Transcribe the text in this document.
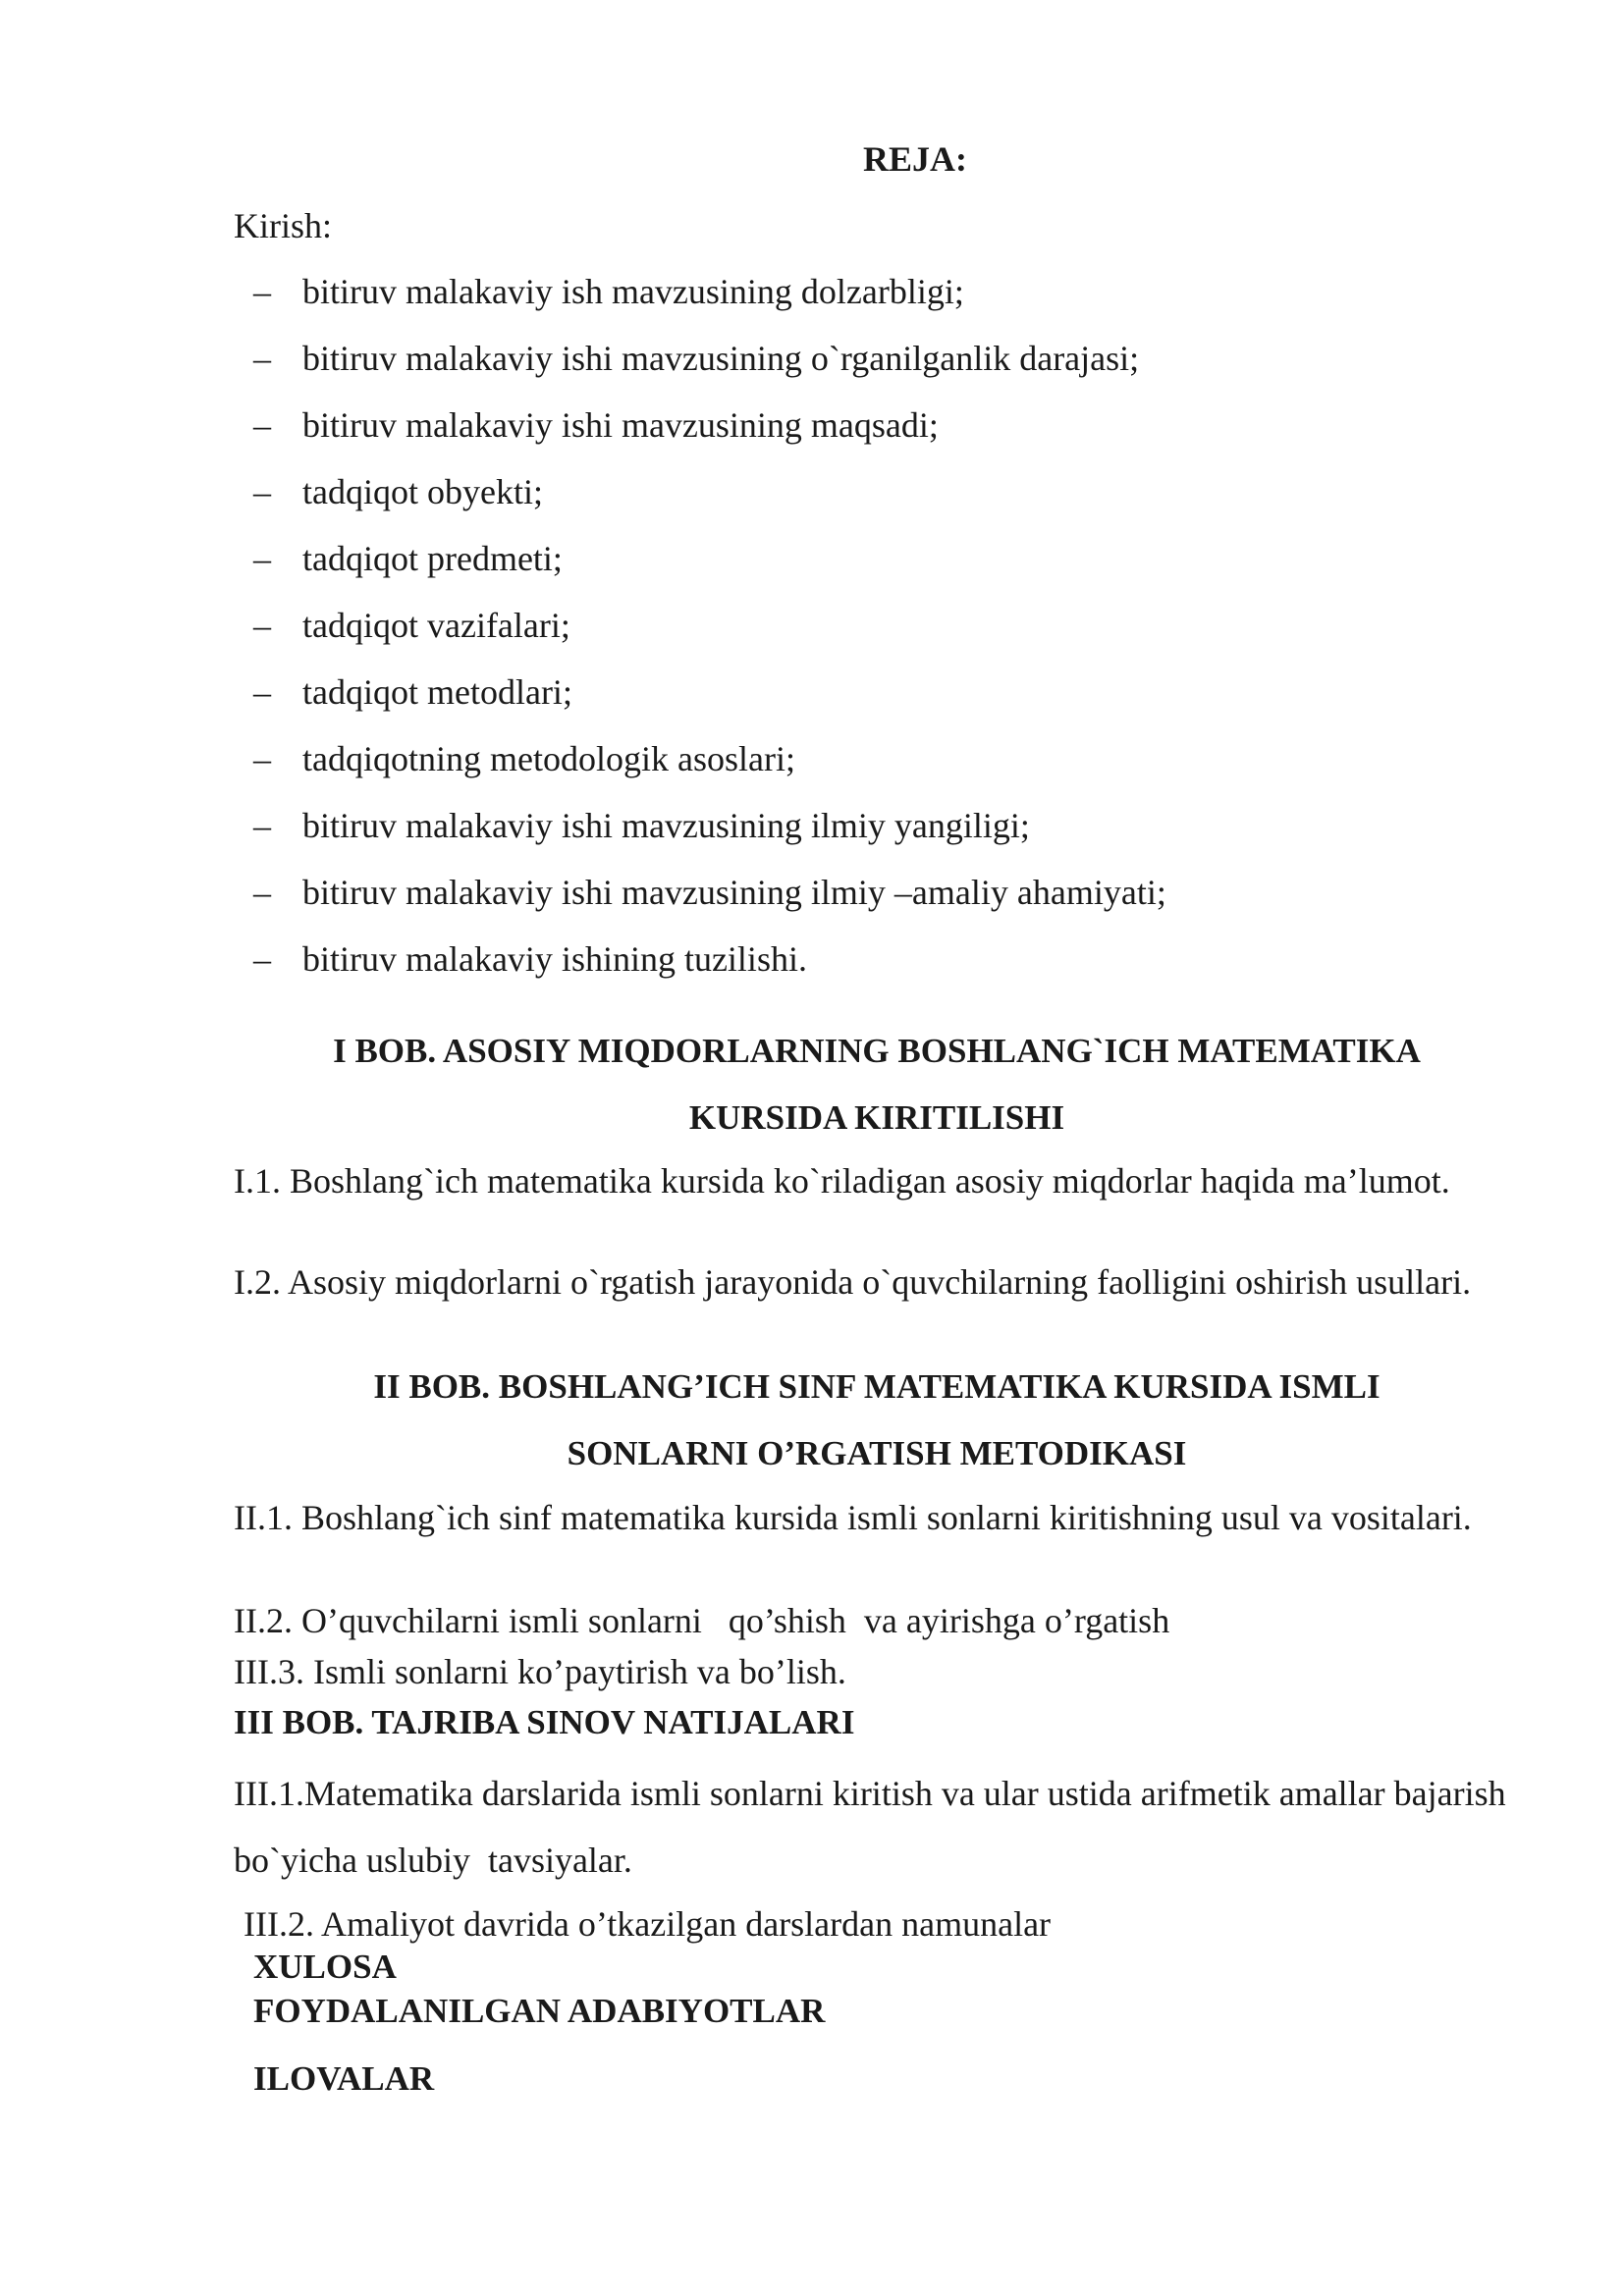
REJA:
Kirish:
– bitiruv malakaviy ish mavzusining dolzarbligi;
– bitiruv malakaviy ishi mavzusining o`rganilganlik darajasi;
– bitiruv malakaviy ishi mavzusining maqsadi;
– tadqiqot obyekti;
– tadqiqot predmeti;
– tadqiqot vazifalari;
– tadqiqot metodlari;
– tadqiqotning metodologik asoslari;
– bitiruv malakaviy ishi mavzusining ilmiy yangiligi;
– bitiruv malakaviy ishi mavzusining ilmiy –amaliy ahamiyati;
– bitiruv malakaviy ishining tuzilishi.
I BOB. ASOSIY MIQDORLARNING BOSHLANG`ICH MATEMATIKA
KURSIDA KIRITILISHI
I.1. Boshlang`ich matematika kursida ko`riladigan asosiy miqdorlar haqida ma’lumot.
I.2. Asosiy miqdorlarni o`rgatish jarayonida o`quvchilarning faolligini oshirish usullari.
II BOB. BOSHLANG’ICH SINF MATEMATIKA KURSIDA ISMLI
SONLARNI O’RGATISH METODIKASI
II.1. Boshlang`ich sinf matematika kursida ismli sonlarni kiritishning usul va vositalari.
II.2. O’quvchilarni ismli sonlarni   qo’shish  va ayirishga o’rgatish
III.3. Ismli sonlarni ko’paytirish va bo’lish.
III BOB. TAJRIBA SINOV NATIJALARI
III.1.Matematika darslarida ismli sonlarni kiritish va ular ustida arifmetik amallar bajarish bo`yicha uslubiy  tavsiyalar.
III.2. Amaliyot davrida o’tkazilgan darslardan namunalar
XULOSA
FOYDALANILGAN ADABIYOTLAR
ILOVALAR
